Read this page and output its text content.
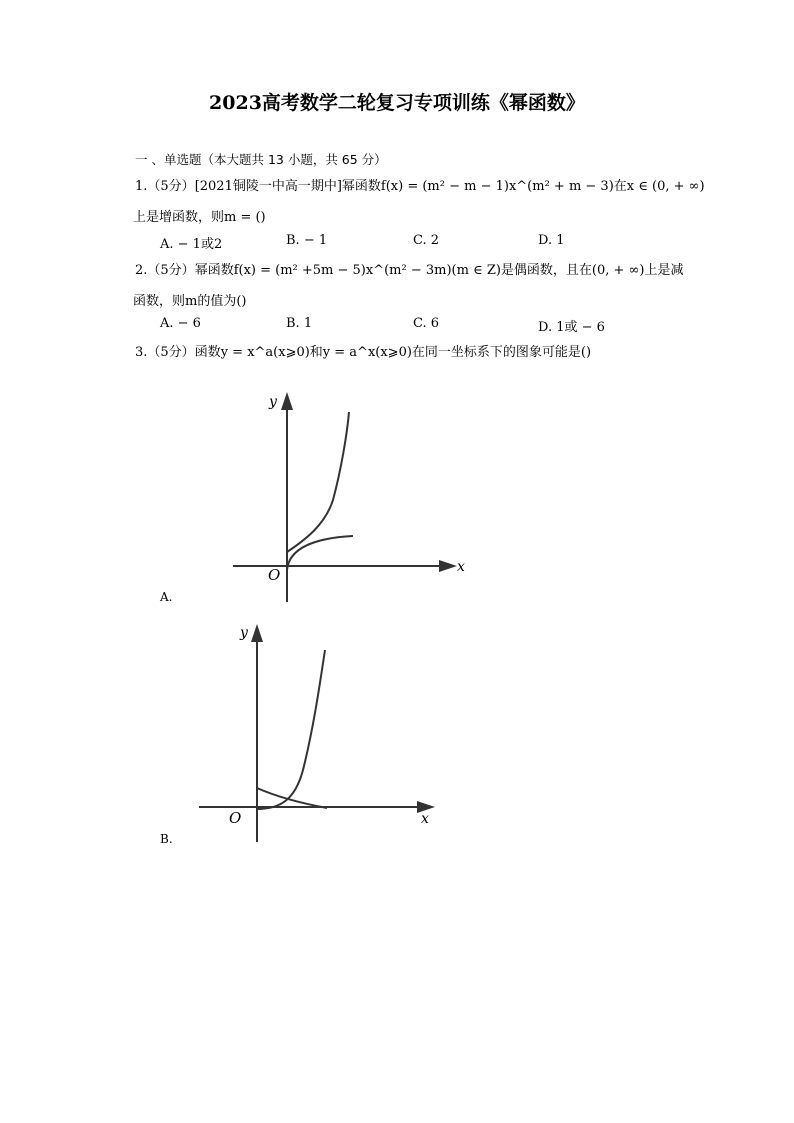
2023高考数学二轮复习专项训练《幂函数》
一 、单选题（本大题共 13 小题，共 65 分）
1.（5分）[2021铜陵一中高一期中]幂函数f(x) = (m² − m − 1)x^(m² + m − 3)在x ∈ (0, + ∞)
上是增函数，则m = ()
A. − 1或2	B. − 1	C. 2	D. 1
2.（5分）幂函数f(x) = (m² +5m − 5)x^(m² − 3m)(m ∈ Z)是偶函数，且在(0, + ∞)上是减
函数，则m的值为()
A. − 6	B. 1	C. 6	D. 1或 − 6
3.（5分）函数y = x^a(x⩾0)和y = a^x(x⩾0)在同一坐标系下的图象可能是()
y
x
O
A.
y
x
O
B.
